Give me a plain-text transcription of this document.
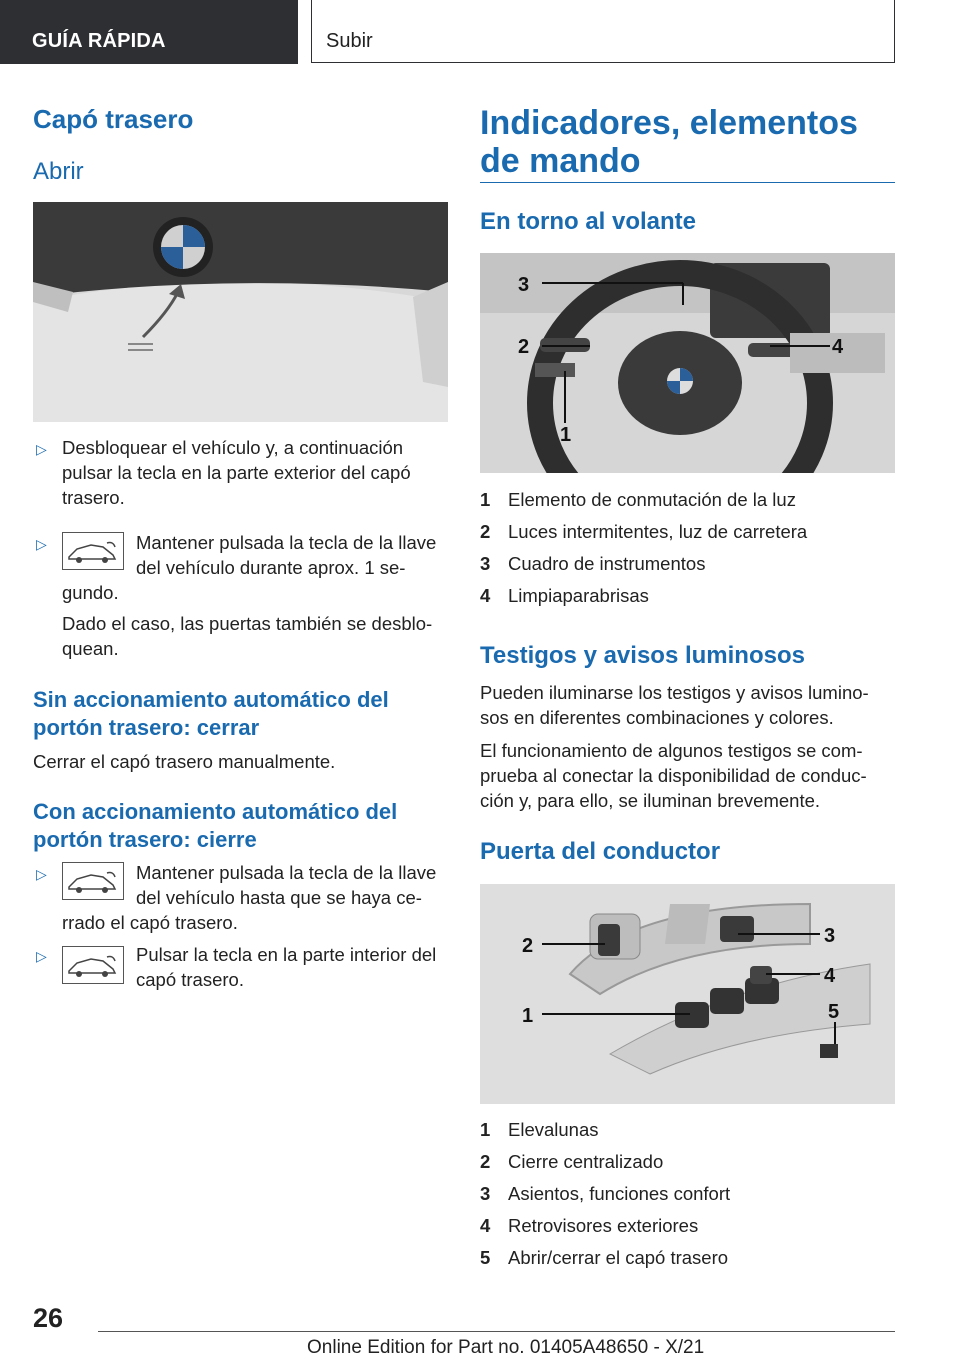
GUÍA RÁPIDA	Subir
Capó trasero
Abrir
▷ Desbloquear el vehículo y, a continuación pulsar la tecla en la parte exterior del capó trasero.
▷	Mantener pulsada la tecla de la llave del vehículo durante aprox. 1 se-
gundo.
Dado el caso, las puertas también se desblo-quean.
Sin accionamiento automático del portón trasero: cerrar
Cerrar el capó trasero manualmente.
Con accionamiento automático del portón trasero: cierre
▷	Mantener pulsada la tecla de la llave del vehículo hasta que se haya ce-
rrado el capó trasero.
▷	Pulsar la tecla en la parte interior del capó trasero.
Indicadores, elementos de mando
En torno al volante
3
2	4
1
1 Elemento de conmutación de la luz
2 Luces intermitentes, luz de carretera
3 Cuadro de instrumentos
4 Limpiaparabrisas
Testigos y avisos luminosos
Pueden iluminarse los testigos y avisos lumino-sos en diferentes combinaciones y colores.
El funcionamiento de algunos testigos se com-prueba al conectar la disponibilidad de conduc-ción y, para ello, se iluminan brevemente.
Puerta del conductor
2	3
4
1	5
1 Elevalunas
2 Cierre centralizado
3 Asientos, funciones confort
4 Retrovisores exteriores
5 Abrir/cerrar el capó trasero
26
Online Edition for Part no. 01405A48650 - X/21
